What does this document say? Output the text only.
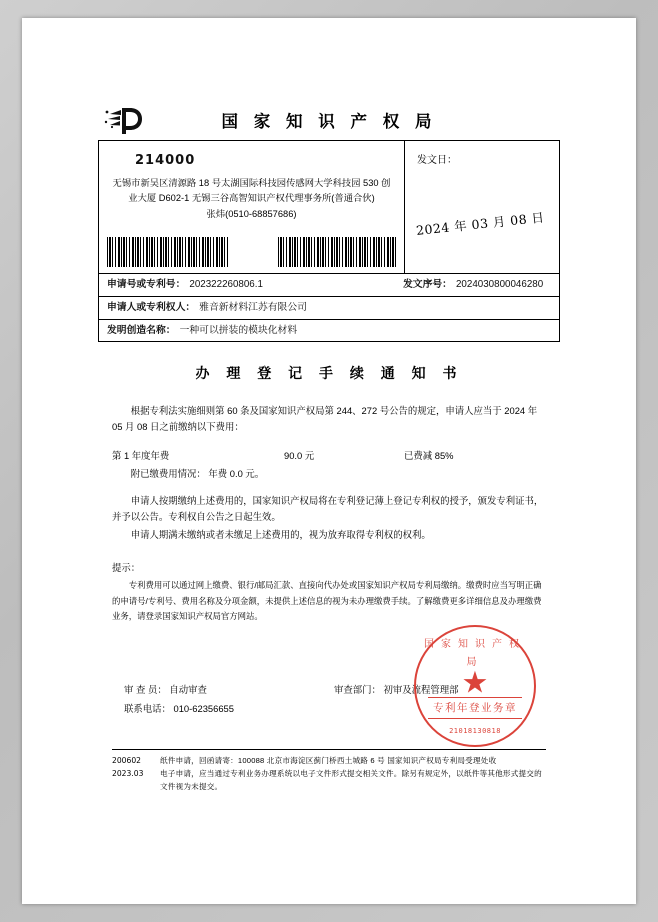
国 家 知 识 产 权 局
214000
无锡市新吴区清源路 18 号太湖国际科技园传感网大学科技园 530 创
业大厦 D602-1 无锡三谷高智知识产权代理事务所(普通合伙)
张炜(0510-68857686)
发文日：
2024 年 03 月 08 日
申请号或专利号： 202322260806.1	发文序号： 2024030800046280
申请人或专利权人： 雅音新材料江苏有限公司
发明创造名称： 一种可以拼装的模块化材料
办 理 登 记 手 续 通 知 书

根据专利法实施细则第 60 条及国家知识产权局第 244、272 号公告的规定，申请人应当于 2024 年 05 月 08 日之前缴纳以下费用：

第 1 年度年费	90.0 元	已费减 85%

附已缴费用情况： 年费 0.0 元。

申请人按期缴纳上述费用的，国家知识产权局将在专利登记薄上登记专利权的授予，颁发专利证书，并予以公告。专利权自公告之日起生效。

申请人期满未缴纳或者未缴足上述费用的，视为放弃取得专利权的权利。

提示：
专利费用可以通过网上缴费、银行/邮局汇款、直接向代办处或国家知识产权局专利局缴纳。缴费时应当写明正确的申请号/专利号、费用名称及分项金额，未提供上述信息的视为未办理缴费手续。了解缴费更多详细信息及办理缴费业务，请登录国家知识产权局官方网站。
审 查 员： 自动审查
联系电话： 010-62356655
审查部门： 初审及流程管理部
国家知识产权局
★
专利年登业务章
21018130818
200602
2023.03
纸件申请，回函请寄：100088 北京市海淀区蓟门桥西土城路 6 号 国家知识产权局专利局受理处收
电子申请，应当通过专利业务办理系统以电子文件形式提交相关文件。除另有规定外，以纸件等其他形式提交的
文件视为未提交。
